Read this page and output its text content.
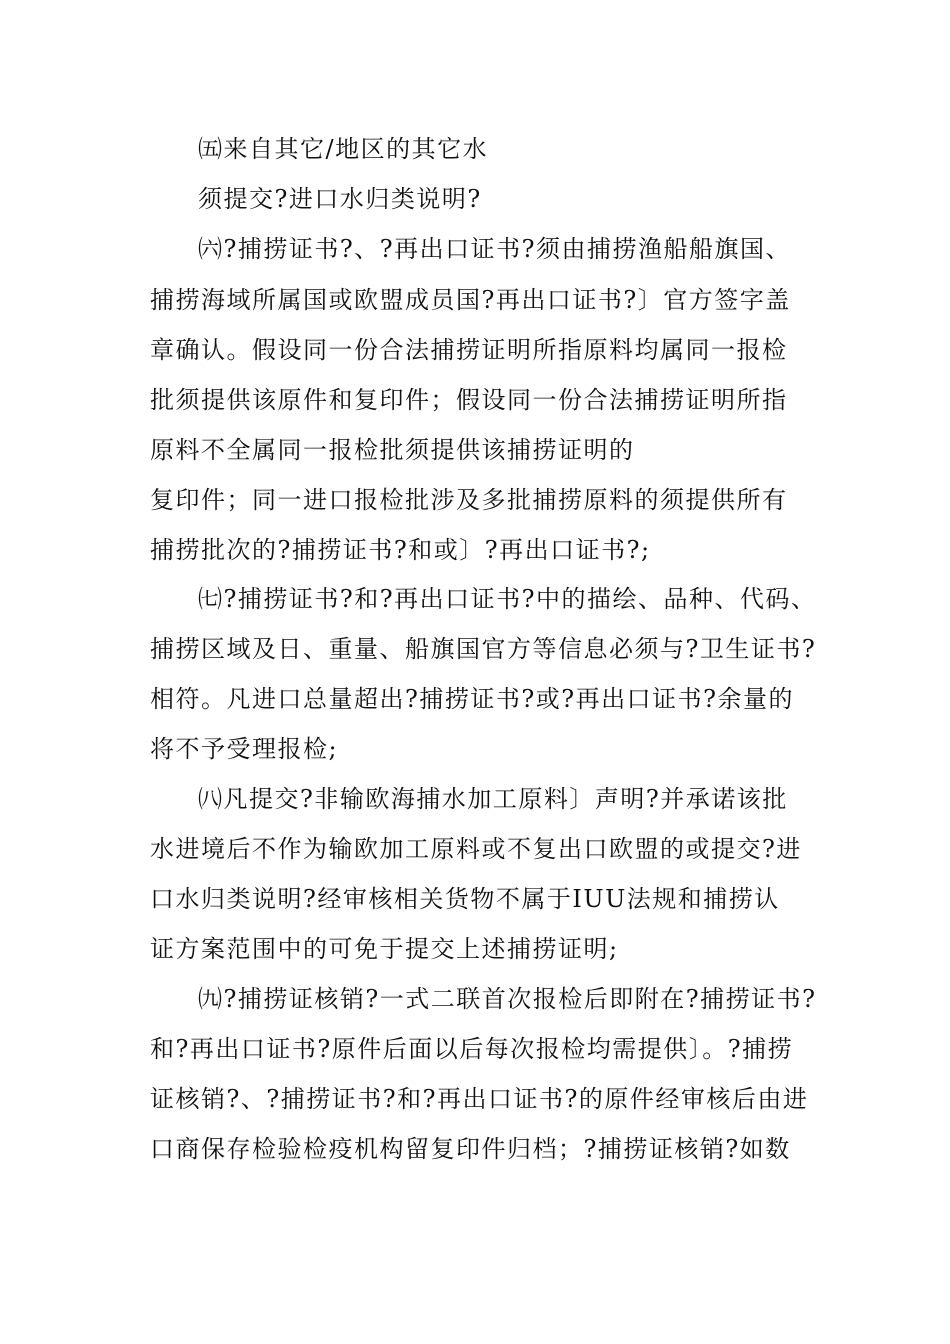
㈤来自其它/地区的其它水
须提交?进口水归类说明?
㈥?捕捞证书?、?再出口证书?须由捕捞渔船船旗国、
捕捞海域所属国或欧盟成员国?再出口证书?〕官方签字盖
章确认。假设同一份合法捕捞证明所指原料均属同一报检
批须提供该原件和复印件；假设同一份合法捕捞证明所指
原料不全属同一报检批须提供该捕捞证明的
复印件；同一进口报检批涉及多批捕捞原料的须提供所有
捕捞批次的?捕捞证书?和或〕?再出口证书?;
㈦?捕捞证书?和?再出口证书?中的描绘、品种、代码、
捕捞区域及日、重量、船旗国官方等信息必须与?卫生证书?
相符。凡进口总量超出?捕捞证书?或?再出口证书?余量的
将不予受理报检;
㈧凡提交?非输欧海捕水加工原料〕声明?并承诺该批
水进境后不作为输欧加工原料或不复出口欧盟的或提交?进
口水归类说明?经审核相关货物不属于IUU法规和捕捞认
证方案范围中的可免于提交上述捕捞证明;
㈨?捕捞证核销?一式二联首次报检后即附在?捕捞证书?
和?再出口证书?原件后面以后每次报检均需提供〕。?捕捞
证核销?、?捕捞证书?和?再出口证书?的原件经审核后由进
口商保存检验检疫机构留复印件归档；?捕捞证核销?如数
